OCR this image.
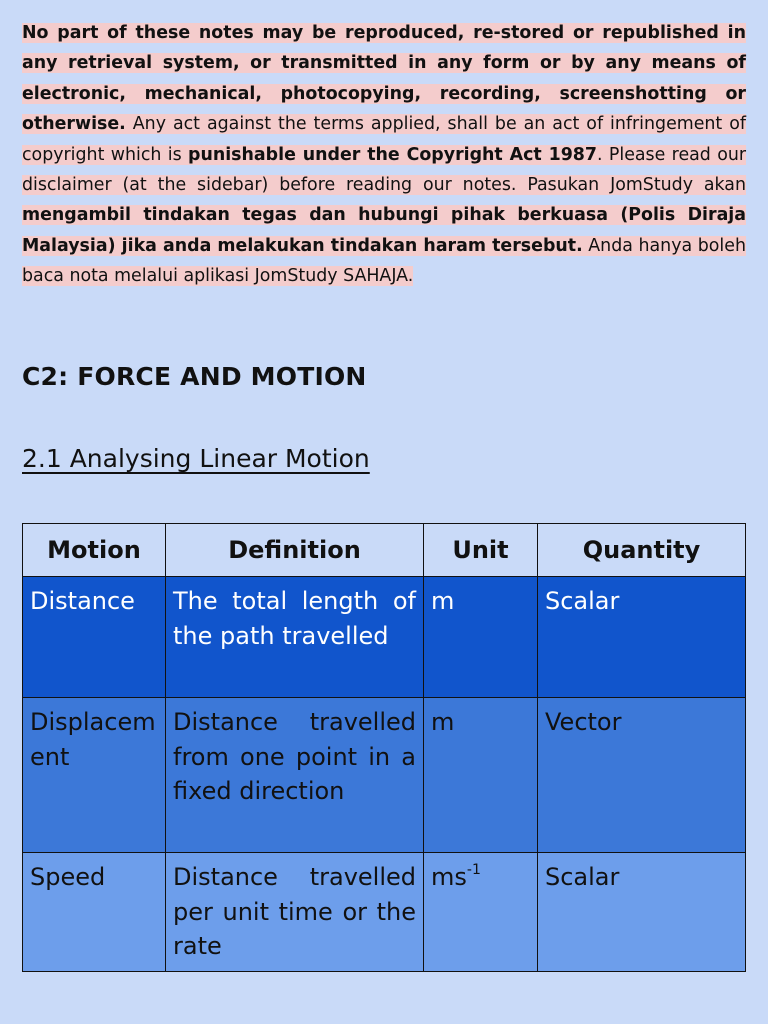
No part of these notes may be reproduced, re-stored or republished in any retrieval system, or transmitted in any form or by any means of electronic, mechanical, photocopying, recording, screenshotting or otherwise. Any act against the terms applied, shall be an act of infringement of copyright which is punishable under the Copyright Act 1987. Please read our disclaimer (at the sidebar) before reading our notes. Pasukan JomStudy akan mengambil tindakan tegas dan hubungi pihak berkuasa (Polis Diraja Malaysia) jika anda melakukan tindakan haram tersebut. Anda hanya boleh baca nota melalui aplikasi JomStudy SAHAJA.
C2: FORCE AND MOTION
2.1 Analysing Linear Motion
Motion	Definition	Unit	Quantity
Distance	The total length of the path travelled	m	Scalar
Displacement	Distance travelled from one point in a fixed direction	m	Vector
Speed	Distance travelled per unit time or the rate	$ms^{-1}$	Scalar
